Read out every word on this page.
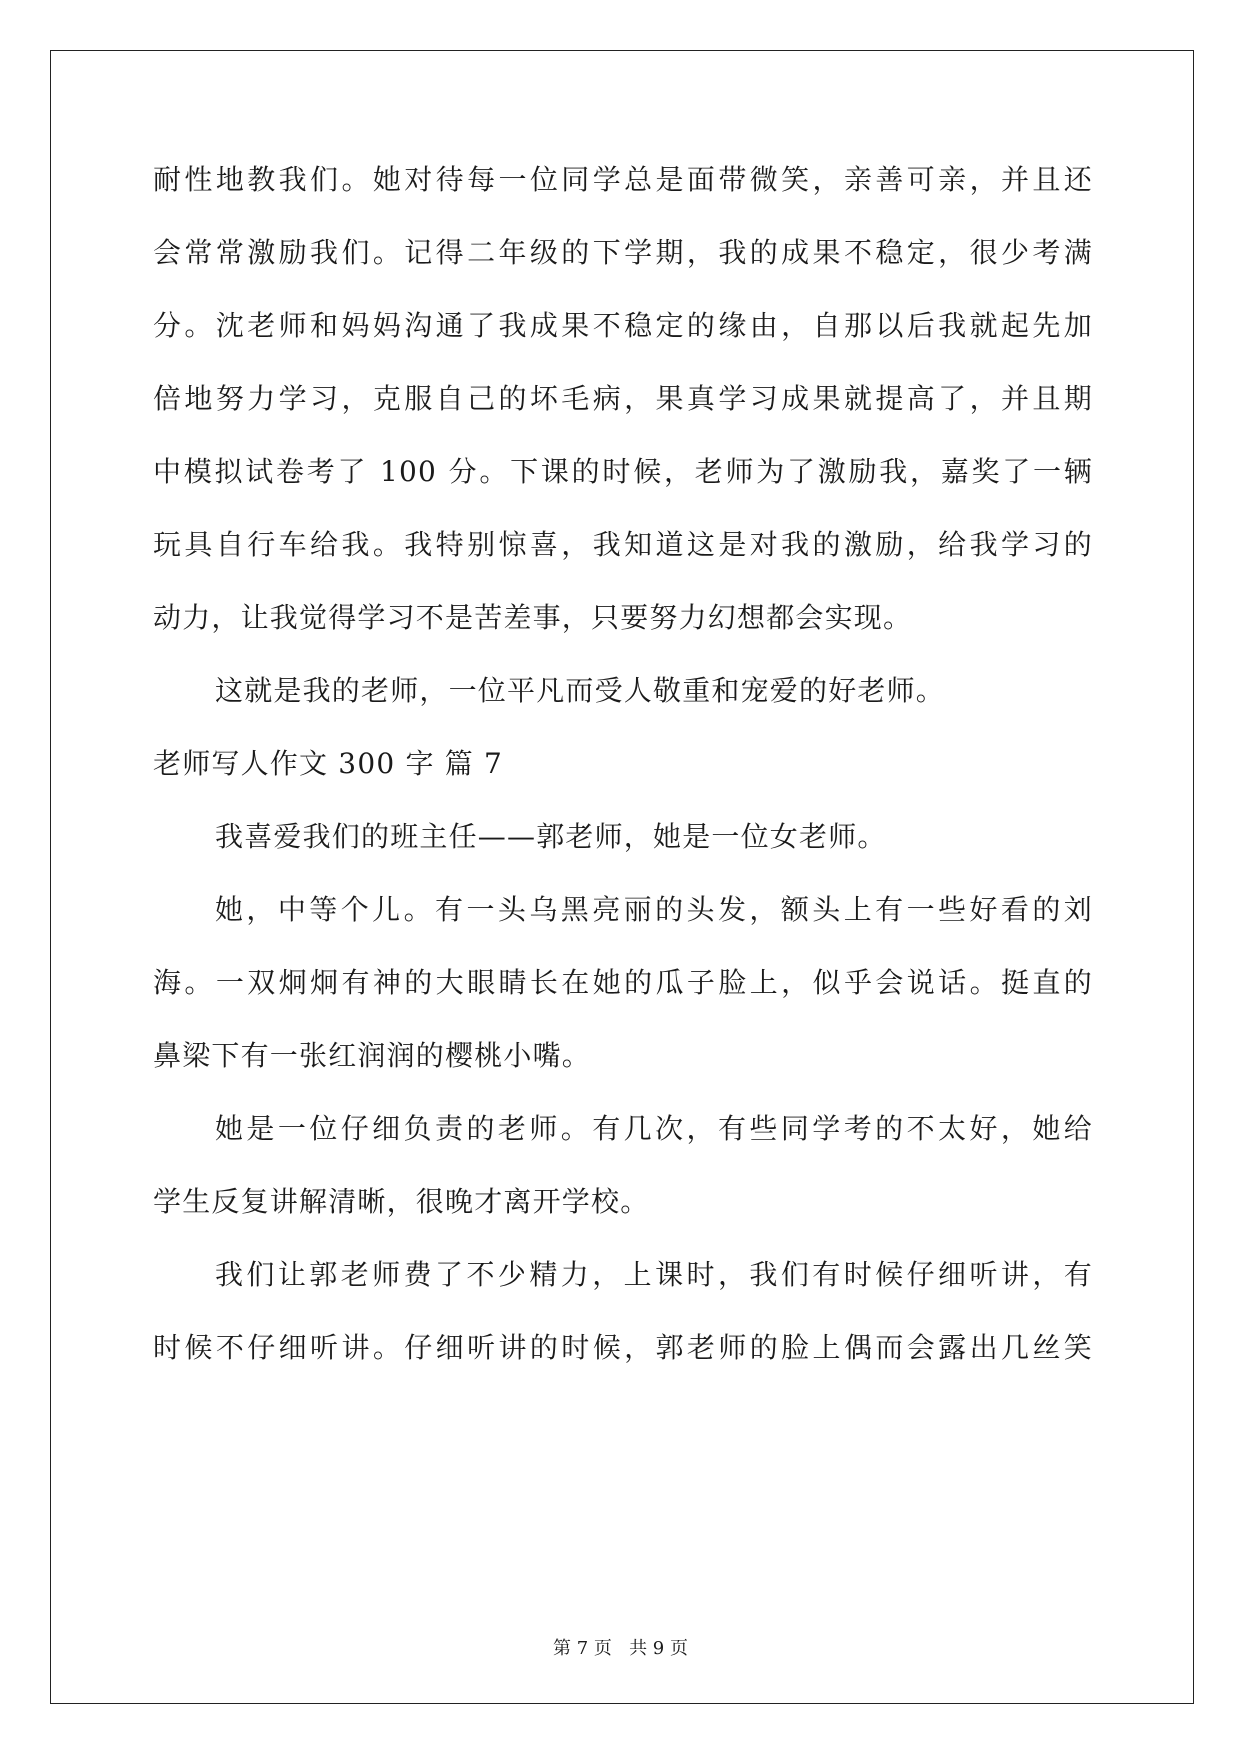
耐性地教我们。她对待每一位同学总是面带微笑，亲善可亲，并且还
会常常激励我们。记得二年级的下学期，我的成果不稳定，很少考满
分。沈老师和妈妈沟通了我成果不稳定的缘由，自那以后我就起先加
倍地努力学习，克服自己的坏毛病，果真学习成果就提高了，并且期
中模拟试卷考了 100 分。下课的时候，老师为了激励我，嘉奖了一辆
玩具自行车给我。我特别惊喜，我知道这是对我的激励，给我学习的
动力，让我觉得学习不是苦差事，只要努力幻想都会实现。
这就是我的老师，一位平凡而受人敬重和宠爱的好老师。
老师写人作文 300 字 篇 7
我喜爱我们的班主任——郭老师，她是一位女老师。
她，中等个儿。有一头乌黑亮丽的头发，额头上有一些好看的刘
海。一双炯炯有神的大眼睛长在她的瓜子脸上，似乎会说话。挺直的
鼻梁下有一张红润润的樱桃小嘴。
她是一位仔细负责的老师。有几次，有些同学考的不太好，她给
学生反复讲解清晰，很晚才离开学校。
我们让郭老师费了不少精力，上课时，我们有时候仔细听讲，有
时候不仔细听讲。仔细听讲的时候，郭老师的脸上偶而会露出几丝笑
第 7 页   共 9 页
